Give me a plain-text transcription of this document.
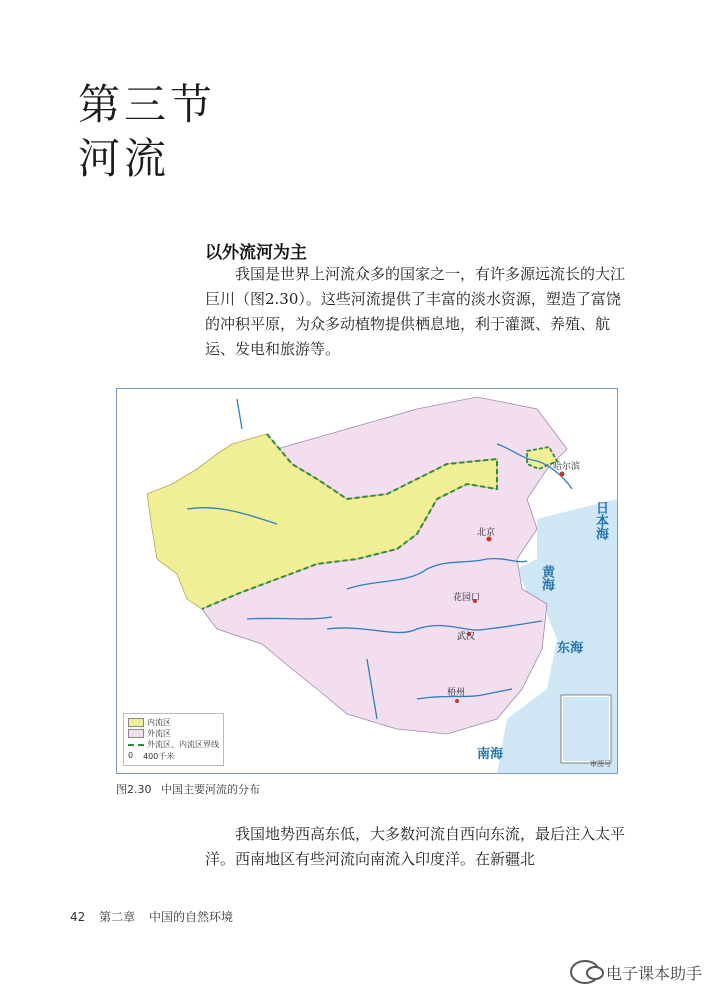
第三节
河流
以外流河为主

我国是世界上河流众多的国家之一，有许多源远流长的大江巨川（图2.30）。这些河流提供了丰富的淡水资源，塑造了富饶的冲积平原，为众多动植物提供栖息地，利于灌溉、养殖、航运、发电和旅游等。

北京
哈尔滨
花园口
武汉
梧州
东海
南海
日本海
黄海
审图号
内流区
外流区
外流区、内流区界线
0 400千米
图2.30 中国主要河流的分布

我国地势西高东低，大多数河流自西向东流，最后注入太平洋。西南地区有些河流向南流入印度洋。在新疆北

42 第二章 中国的自然环境
电子课本助手
